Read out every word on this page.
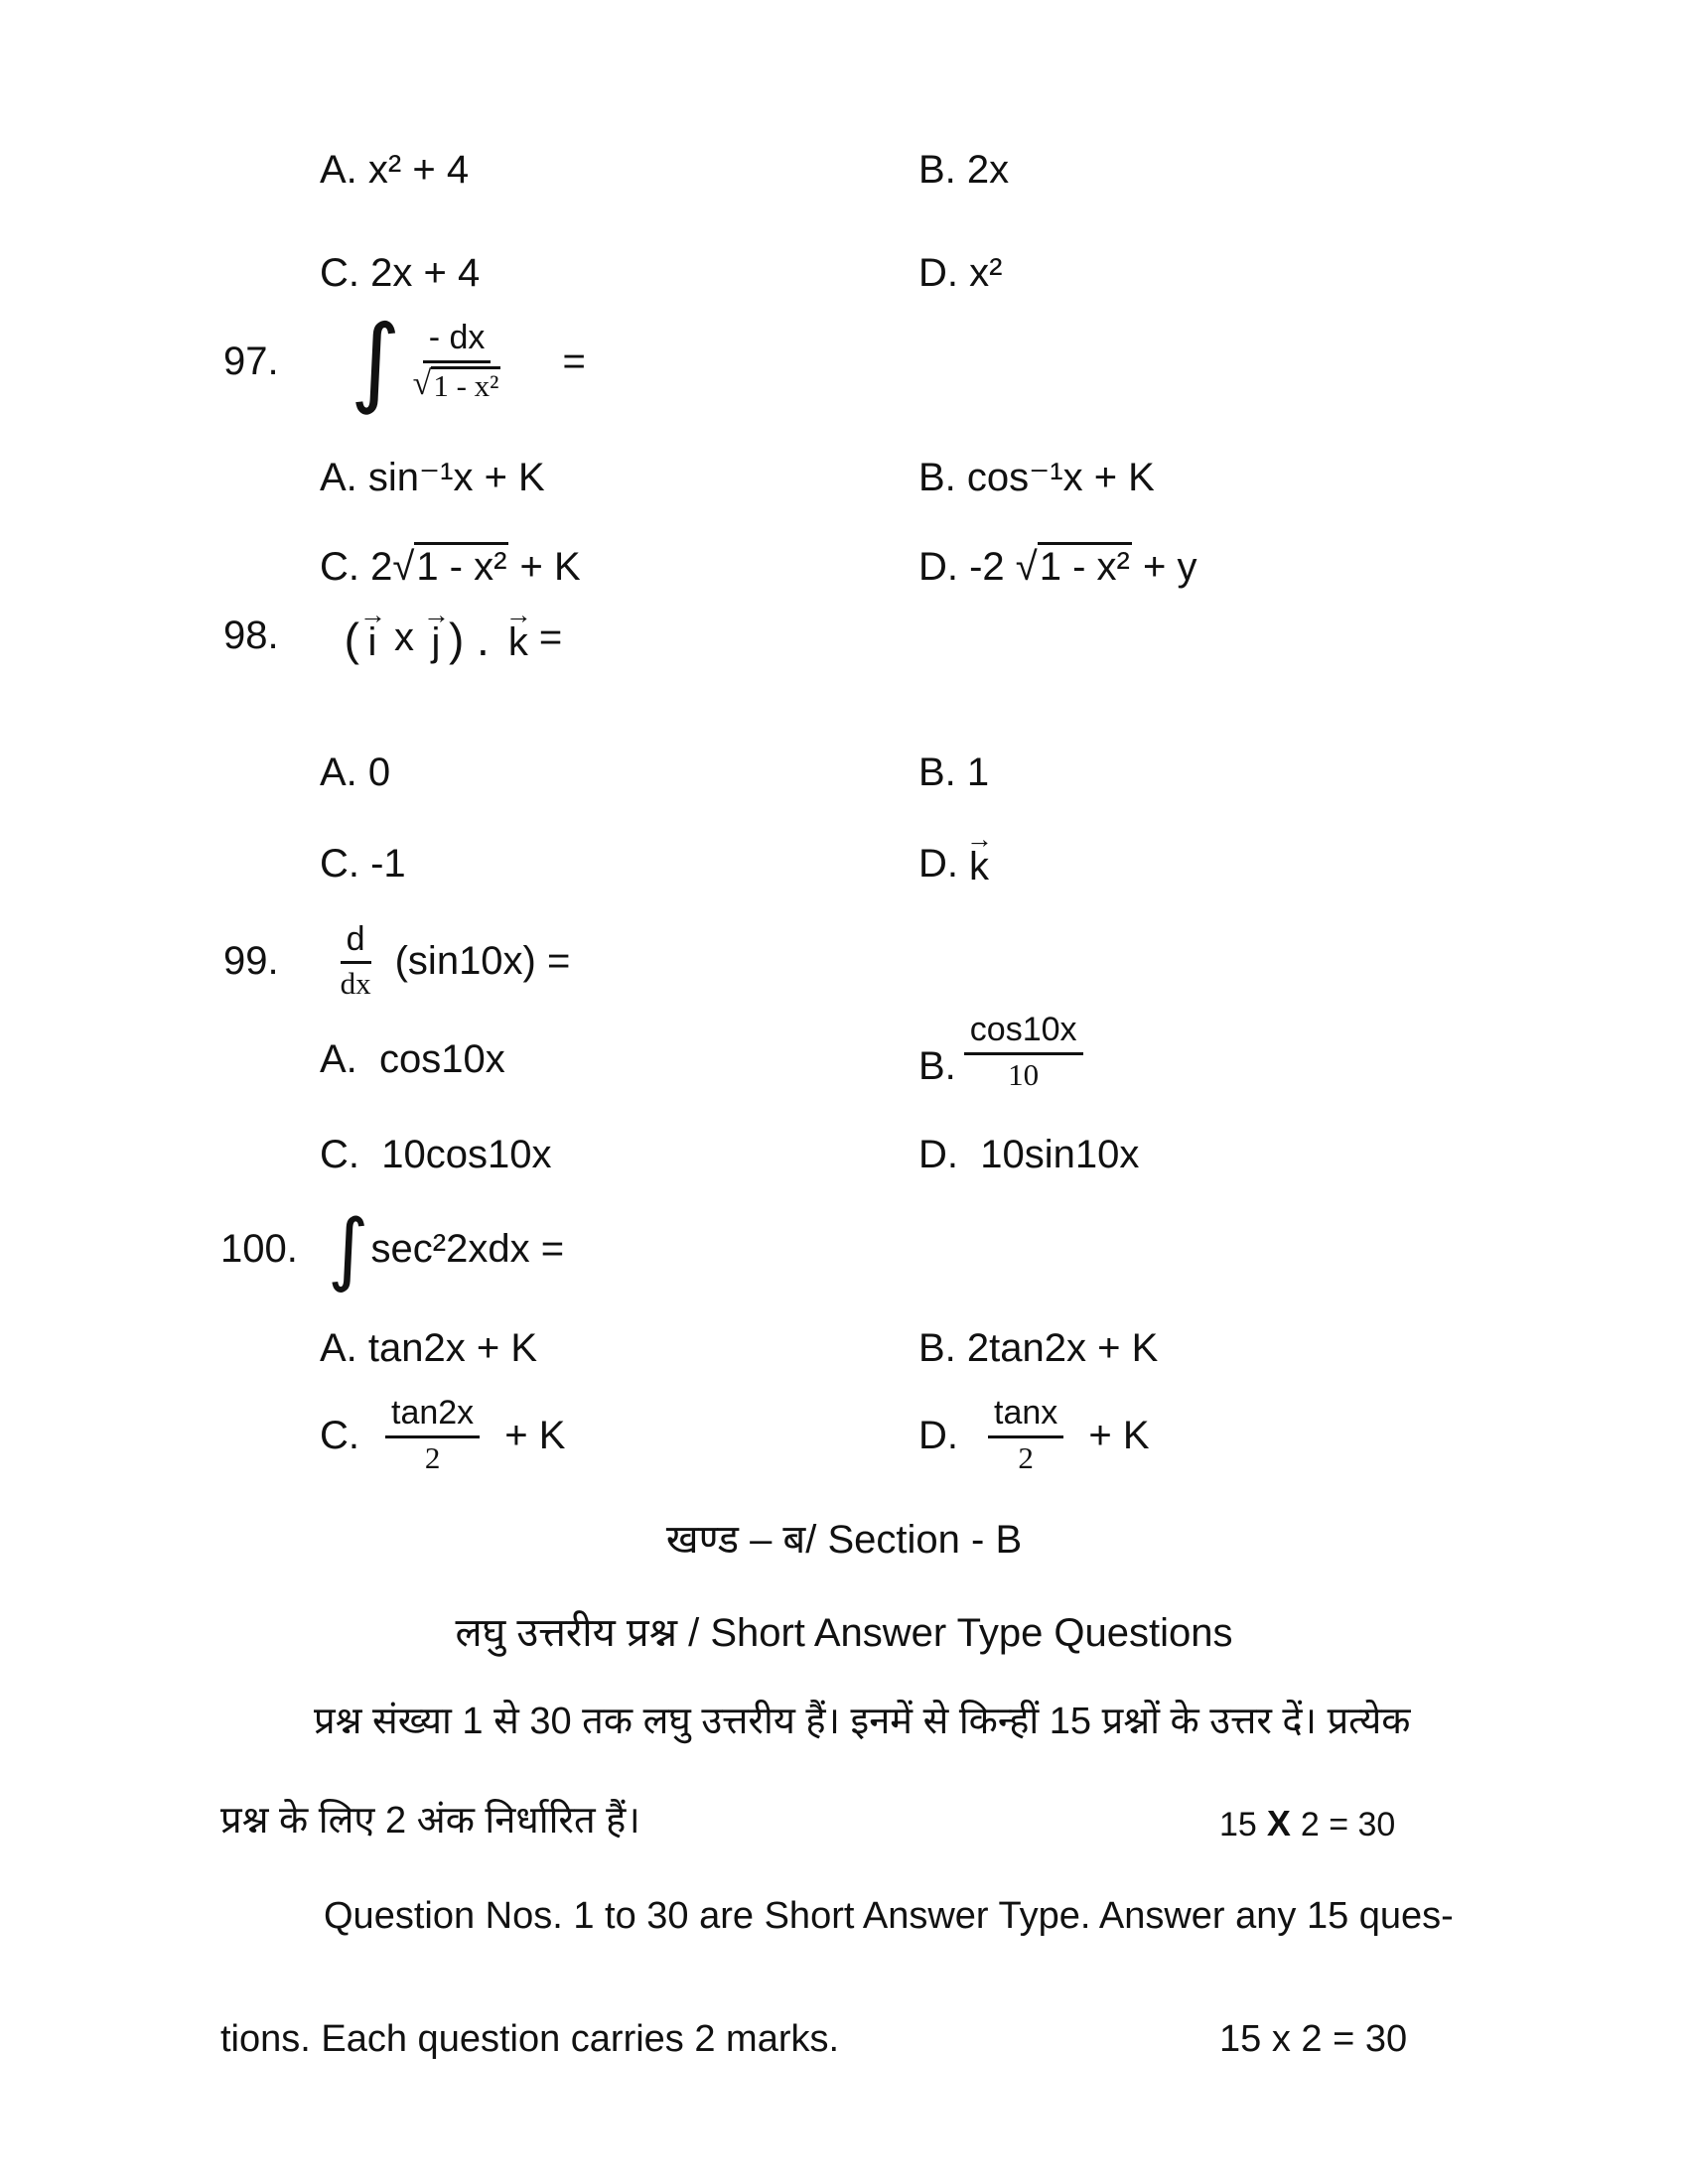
A. x² + 4	B. 2x
C. 2x + 4	D. x²
97. ∫ $\frac{- dx}{\text{√ 1 - x²}}$ =
A. sin⁻¹x + K	B. cos⁻¹x + K
C. 2√1 - x² + K	D. -2 √1 - x² + y
98. ( →
i x
→
j ) . →
k =
A. 0	B. 1
C. -1	D.
→
k
99. $\frac{d}{dx} (\sin 10x)$ =
A.  cos10x	B. $\frac{\cos 10x}{10}$
C.  10cos10x	D.  10sin10x
100. ∫ sec²2xdx =
A. tan2x + K	B. 2tan2x + K
C. $\frac{\tan 2x}{2} + K$	D. $\frac{\tan x}{2} + K$
खण्ड – ब/ Section - B
लघु उत्तरीय प्रश्न / Short Answer Type Questions
प्रश्न संख्या 1 से 30 तक लघु उत्तरीय हैं। इनमें से किन्हीं 15 प्रश्नों के उत्तर दें। प्रत्येक
प्रश्न के लिए 2 अंक निर्धारित हैं।	15 X 2 = 30
Question Nos. 1 to 30 are Short Answer Type. Answer any 15 ques-
tions. Each question carries 2 marks.	15 x 2 = 30
